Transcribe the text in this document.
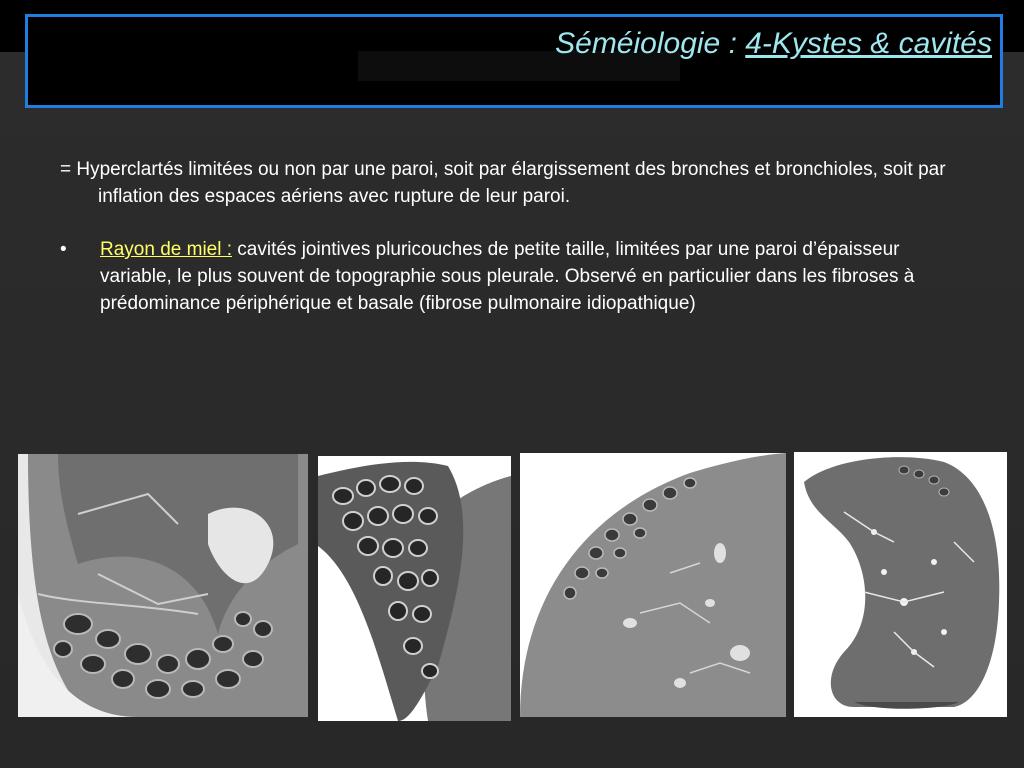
Séméiologie : 4-Kystes & cavités

= Hyperclartés limitées ou non par une paroi, soit par élargissement des bronches et bronchioles, soit par inflation des espaces aériens avec rupture de leur paroi.

• Rayon de miel : cavités jointives pluricouches de petite taille, limitées par une paroi d’épaisseur variable, le plus souvent de topographie sous pleurale. Observé en particulier dans les fibroses à prédominance périphérique et basale (fibrose pulmonaire idiopathique)
